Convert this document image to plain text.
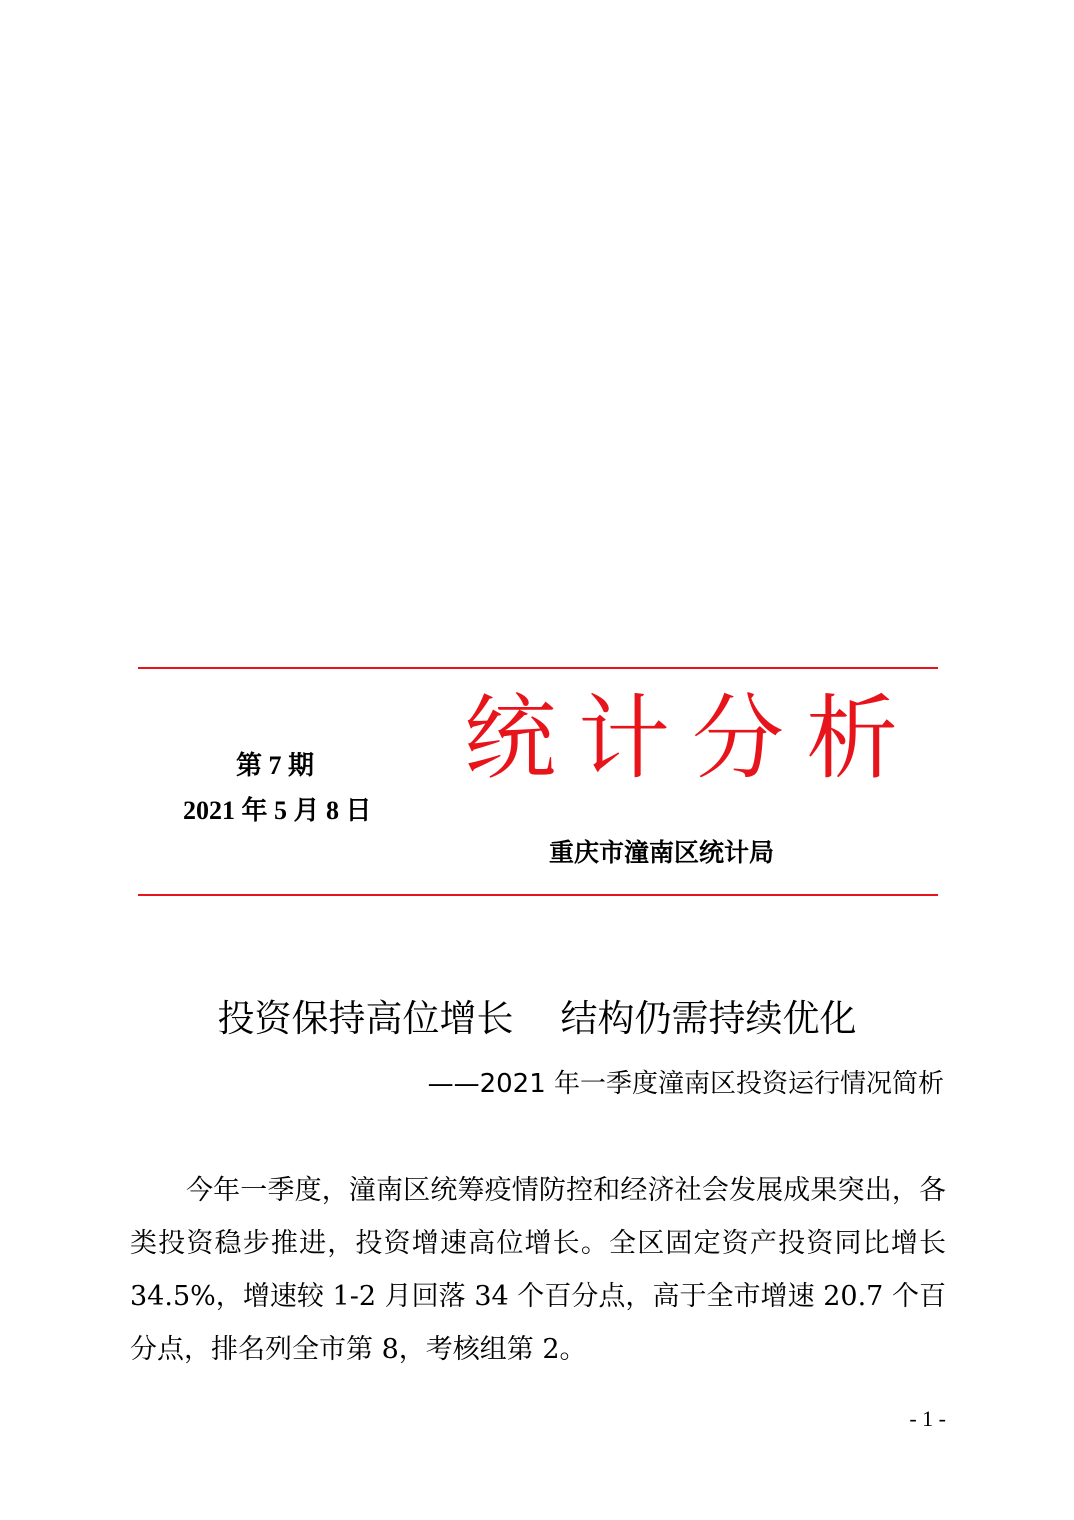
第 7 期
2021 年 5 月 8 日
统计分析
重庆市潼南区统计局
投资保持高位增长    结构仍需持续优化
——2021 年一季度潼南区投资运行情况简析

今年一季度，潼南区统筹疫情防控和经济社会发展成果突出，各类投资稳步推进，投资增速高位增长。全区固定资产投资同比增长 34.5%，增速较 1-2 月回落 34 个百分点，高于全市增速 20.7 个百分点，排名列全市第 8，考核组第 2。

- 1 -
